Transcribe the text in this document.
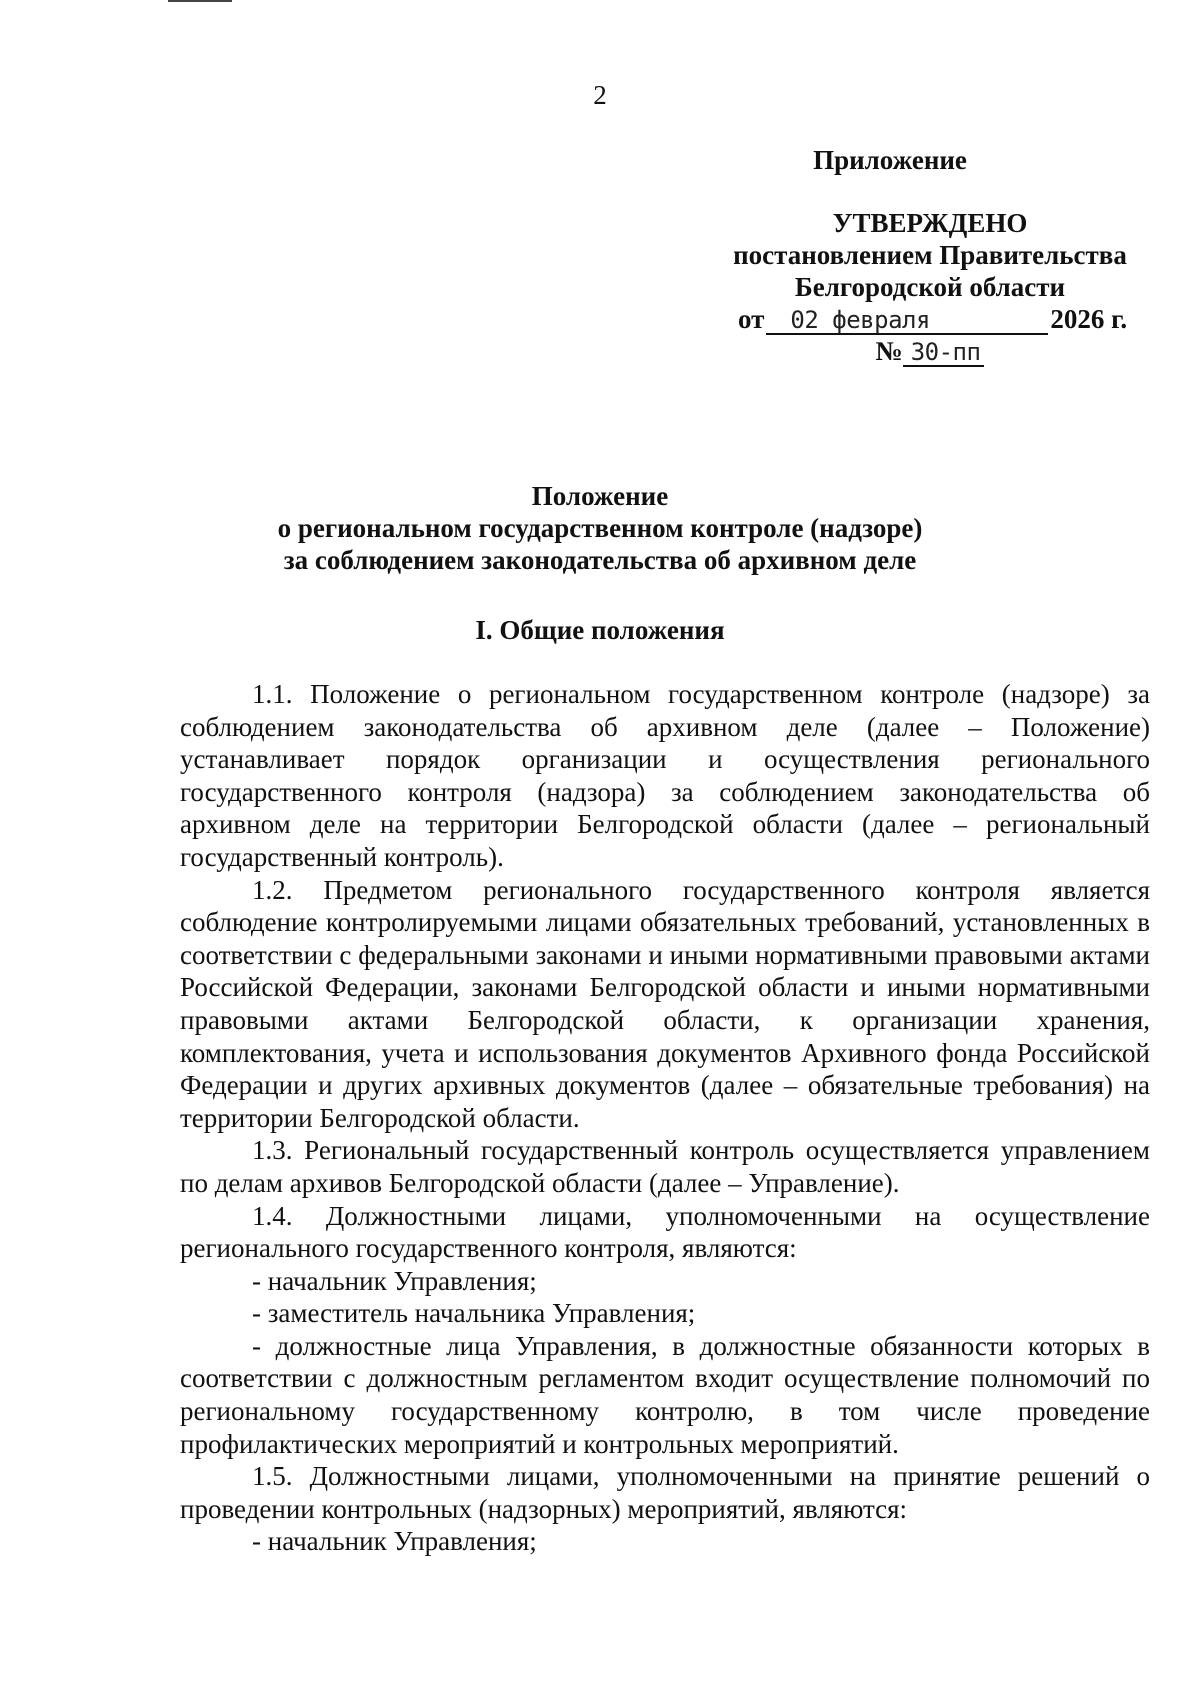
2
Приложение
УТВЕРЖДЕНО
постановлением Правительства
Белгородской области
от 02 февраля	2026 г.
№ 30-пп
Положение
о региональном государственном контроле (надзоре)
за соблюдением законодательства об архивном деле
I. Общие положения

1.1. Положение о региональном государственном контроле (надзоре) за соблюдением законодательства об архивном деле (далее – Положение) устанавливает порядок организации и осуществления регионального государственного контроля (надзора) за соблюдением законодательства об архивном деле на территории Белгородской области (далее – региональный государственный контроль).

1.2. Предметом регионального государственного контроля является соблюдение контролируемыми лицами обязательных требований, установленных в соответствии с федеральными законами и иными нормативными правовыми актами Российской Федерации, законами Белгородской области и иными нормативными правовыми актами Белгородской области, к организации хранения, комплектования, учета и использования документов Архивного фонда Российской Федерации и других архивных документов (далее – обязательные требования) на территории Белгородской области.

1.3. Региональный государственный контроль осуществляется управлением по делам архивов Белгородской области (далее – Управление).

1.4. Должностными лицами, уполномоченными на осуществление регионального государственного контроля, являются:

- начальник Управления;

- заместитель начальника Управления;

- должностные лица Управления, в должностные обязанности которых в соответствии с должностным регламентом входит осуществление полномочий по региональному государственному контролю, в том числе проведение профилактических мероприятий и контрольных мероприятий.

1.5. Должностными лицами, уполномоченными на принятие решений о проведении контрольных (надзорных) мероприятий, являются:

- начальник Управления;
